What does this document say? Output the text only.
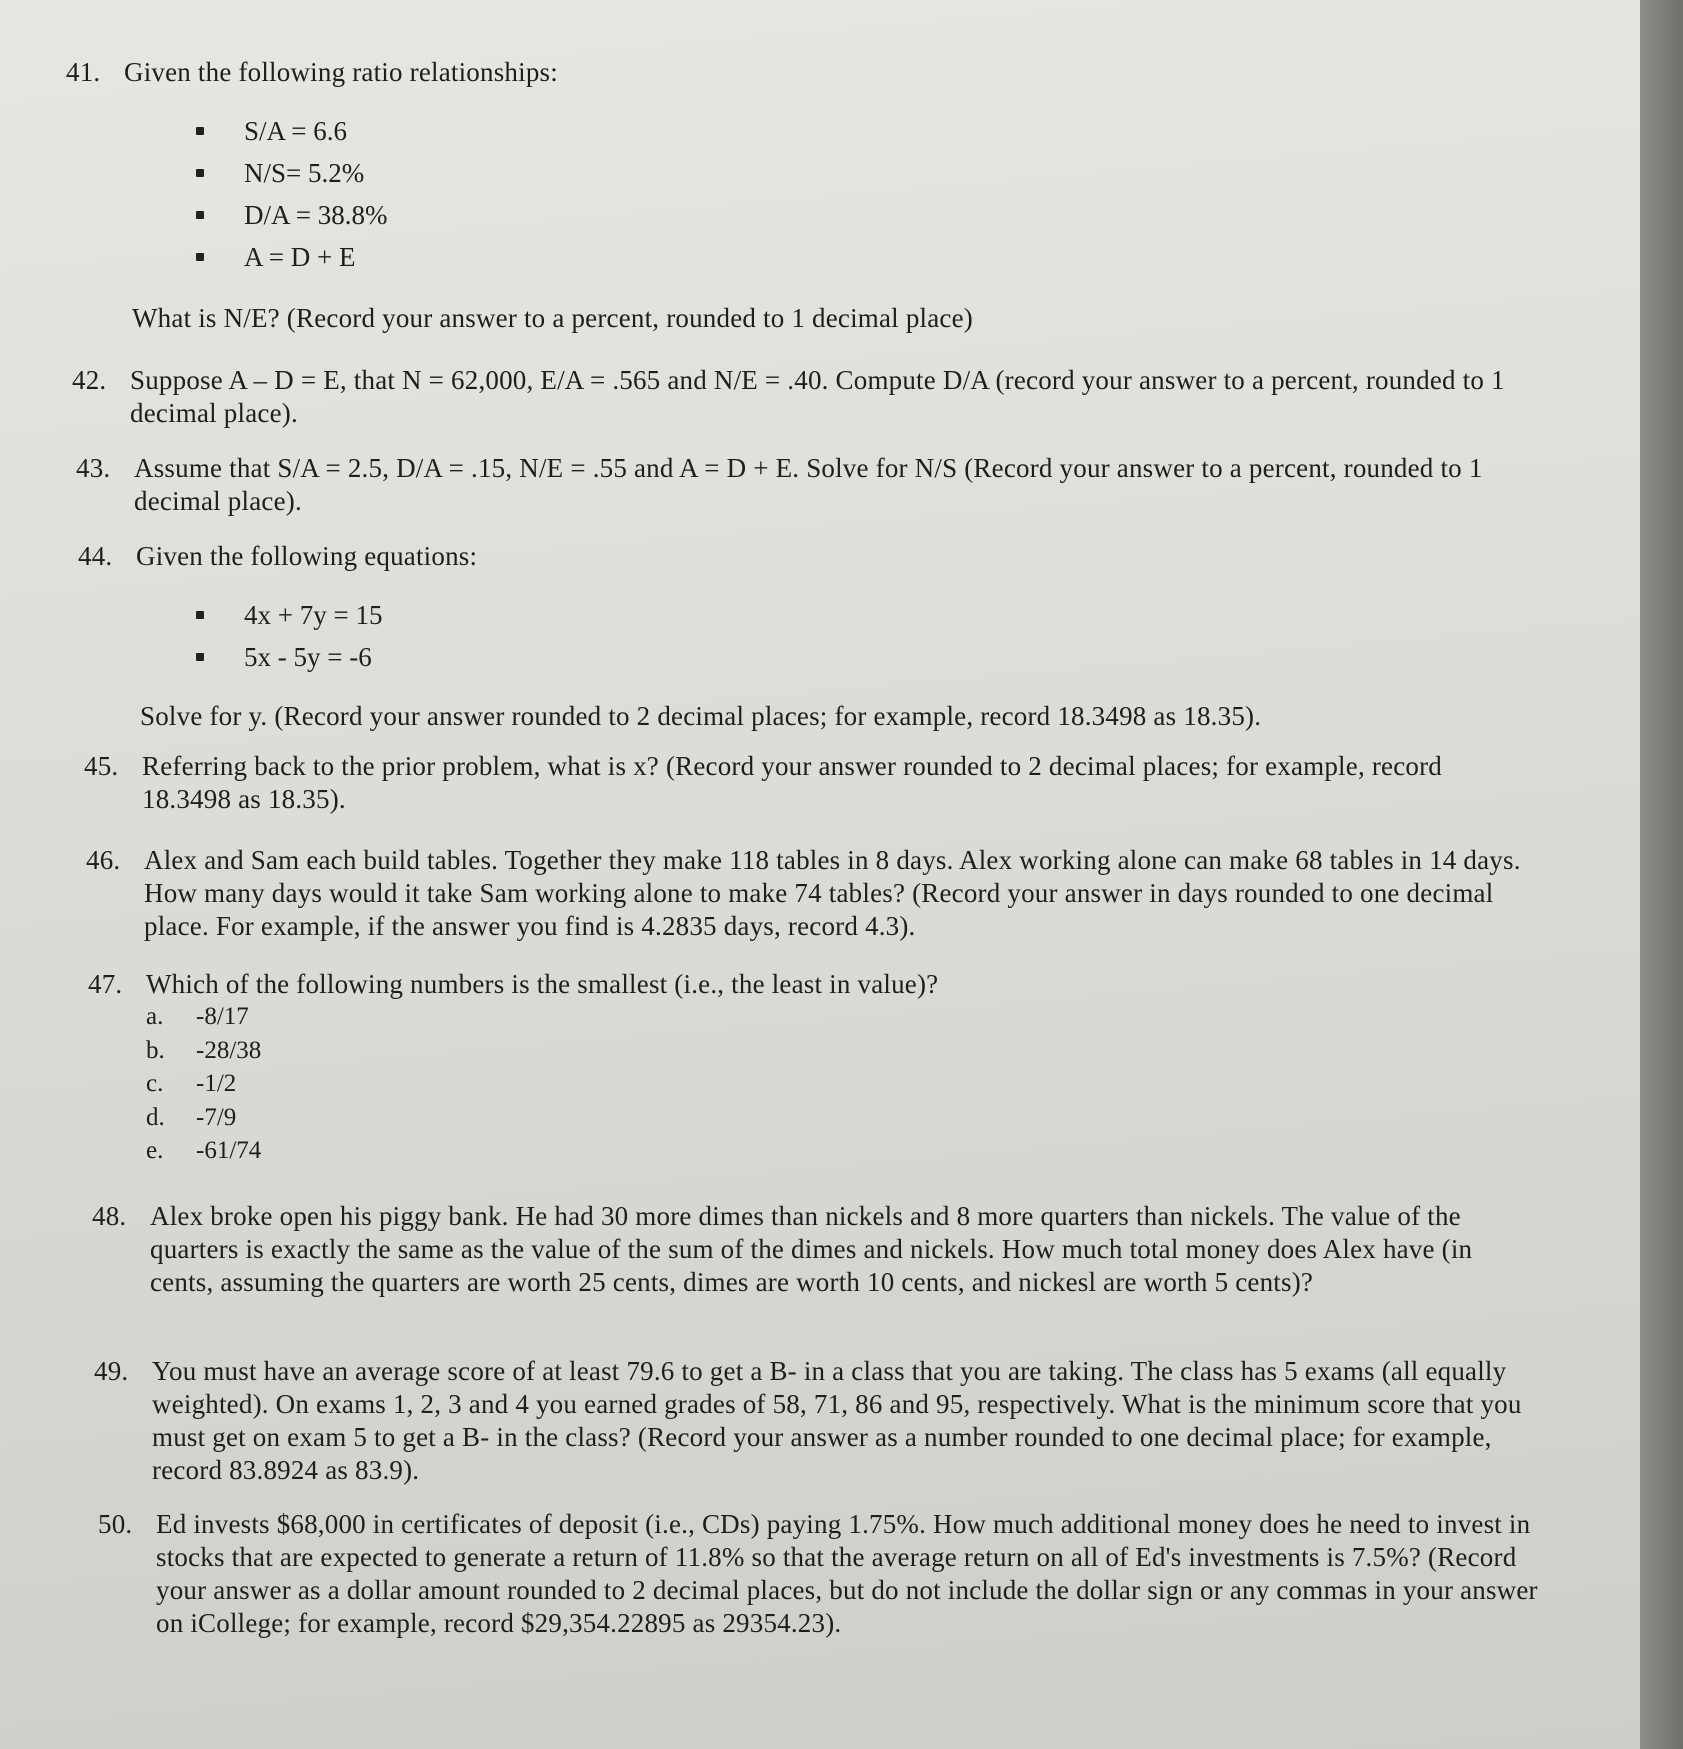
41. Given the following ratio relationships:
S/A = 6.6
N/S= 5.2%
D/A = 38.8%
A = D + E
What is N/E? (Record your answer to a percent, rounded to 1 decimal place)
42. Suppose A – D = E, that N = 62,000, E/A = .565 and N/E = .40. Compute D/A (record your answer to a percent, rounded to 1 decimal place).
43. Assume that S/A = 2.5, D/A = .15, N/E = .55 and A = D + E. Solve for N/S (Record your answer to a percent, rounded to 1 decimal place).
44. Given the following equations:
4x + 7y = 15
5x - 5y = -6
Solve for y. (Record your answer rounded to 2 decimal places; for example, record 18.3498 as 18.35).
45. Referring back to the prior problem, what is x? (Record your answer rounded to 2 decimal places; for example, record 18.3498 as 18.35).
46. Alex and Sam each build tables. Together they make 118 tables in 8 days. Alex working alone can make 68 tables in 14 days. How many days would it take Sam working alone to make 74 tables? (Record your answer in days rounded to one decimal place. For example, if the answer you find is 4.2835 days, record 4.3).
47. Which of the following numbers is the smallest (i.e., the least in value)?
a. -8/17
b. -28/38
c. -1/2
d. -7/9
e. -61/74
48. Alex broke open his piggy bank. He had 30 more dimes than nickels and 8 more quarters than nickels. The value of the quarters is exactly the same as the value of the sum of the dimes and nickels. How much total money does Alex have (in cents, assuming the quarters are worth 25 cents, dimes are worth 10 cents, and nickesl are worth 5 cents)?
49. You must have an average score of at least 79.6 to get a B- in a class that you are taking. The class has 5 exams (all equally weighted). On exams 1, 2, 3 and 4 you earned grades of 58, 71, 86 and 95, respectively. What is the minimum score that you must get on exam 5 to get a B- in the class? (Record your answer as a number rounded to one decimal place; for example, record 83.8924 as 83.9).
50. Ed invests $68,000 in certificates of deposit (i.e., CDs) paying 1.75%. How much additional money does he need to invest in stocks that are expected to generate a return of 11.8% so that the average return on all of Ed's investments is 7.5%? (Record your answer as a dollar amount rounded to 2 decimal places, but do not include the dollar sign or any commas in your answer on iCollege; for example, record $29,354.22895 as 29354.23).
